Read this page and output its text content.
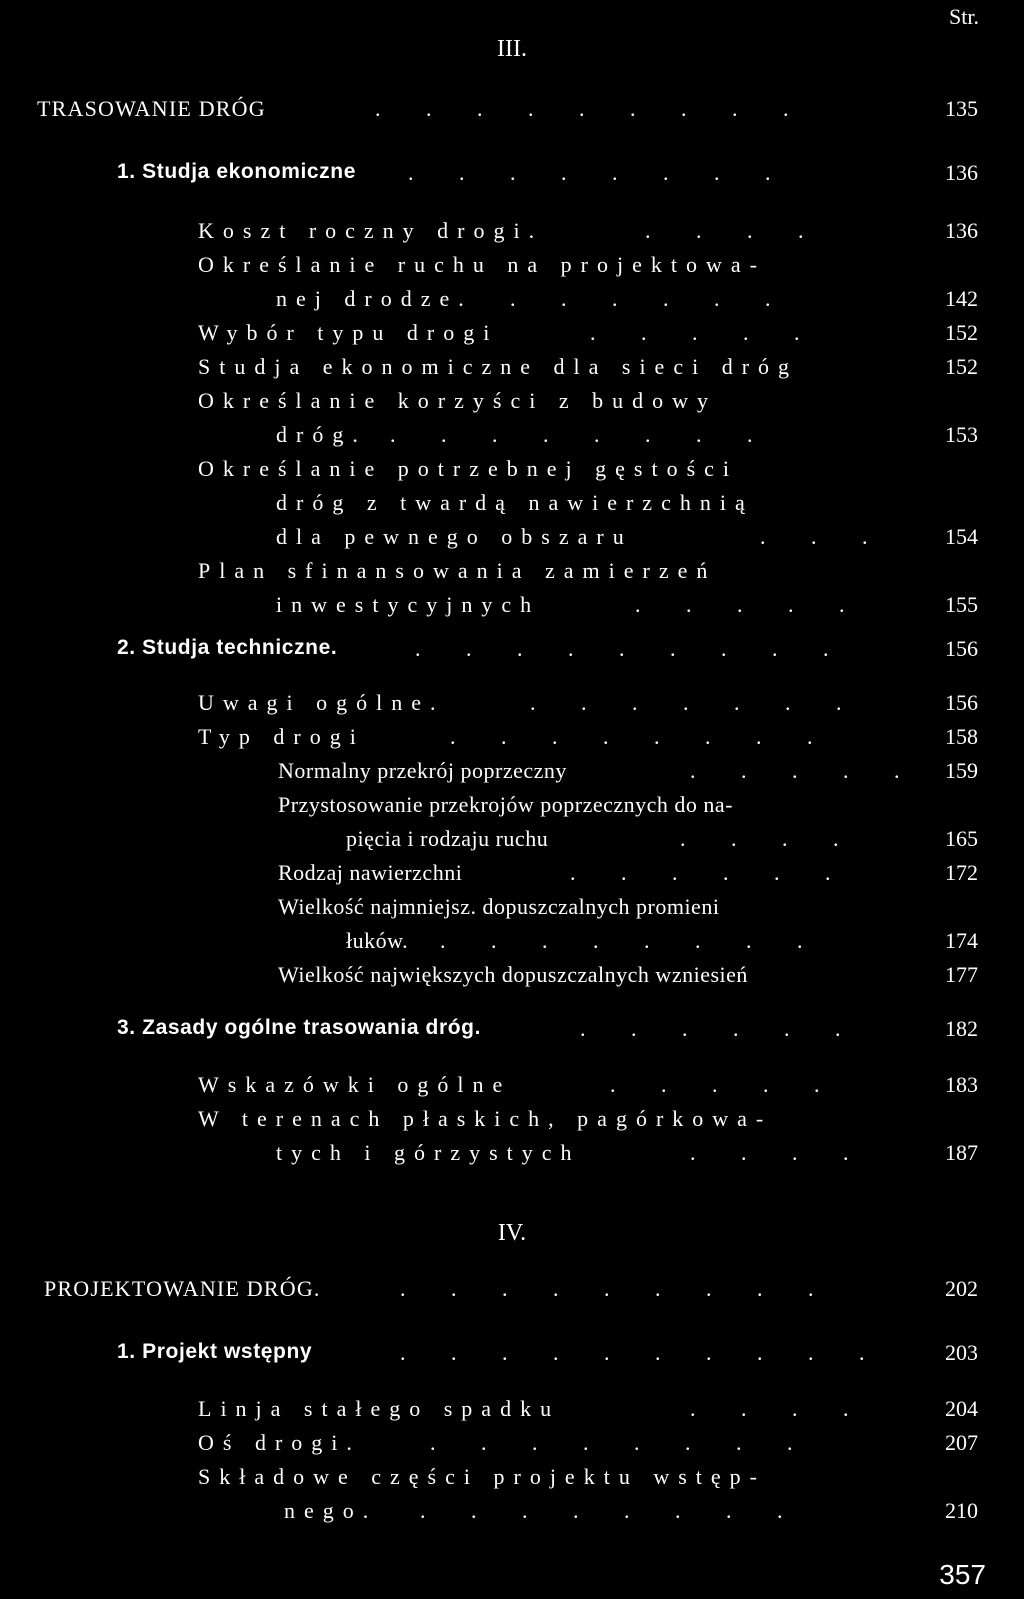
Str.
III.
IV.
TRASOWANIE DRÓG	. . . . . . . . .	135
1. Studja ekonomiczne . . . . . . . .	136
Koszt roczny drogi.	. . . .	136
Określanie ruchu na projektowa-
nej drodze. . . . . . .	142
Wybór typu drogi	. . . . .	152
Studja ekonomiczne dla sieci dróg	152
Określanie korzyści z budowy
dróg. . . . . . . . .	153
Określanie potrzebnej gęstości
dróg z twardą nawierzchnią
dla pewnego obszaru	. . .	154
Plan sfinansowania zamierzeń
inwestycyjnych	. . . . .	155
2. Studja techniczne.	. . . . . . . . .	156
Uwagi ogólne.	. . . . . . .	156
Typ drogi	. . . . . . . .	158
Normalny przekrój poprzeczny	. . . . . 159
Przystosowanie przekrojów poprzecznych do na-
pięcia i rodzaju ruchu	. . . .	165
Rodzaj nawierzchni	. . . . . .	172
Wielkość najmniejsz. dopuszczalnych promieni
łuków. . . . . . . . .	174
Wielkość największych dopuszczalnych wzniesień	177
3. Zasady ogólne trasowania dróg.	. . . . . .	182
Wskazówki ogólne	. . . . .	183
W terenach płaskich, pagórkowa-
tych i górzystych	. . . .	187
PROJEKTOWANIE DRÓG.	. . . . . . . . .	202
1. Projekt wstępny	. . . . . . . . . .	203
Linja stałego spadku	. . . .	204
Oś drogi.	. . . . . . . .	207
Składowe części projektu wstęp-
nego. . . . . . . . .	210
357
